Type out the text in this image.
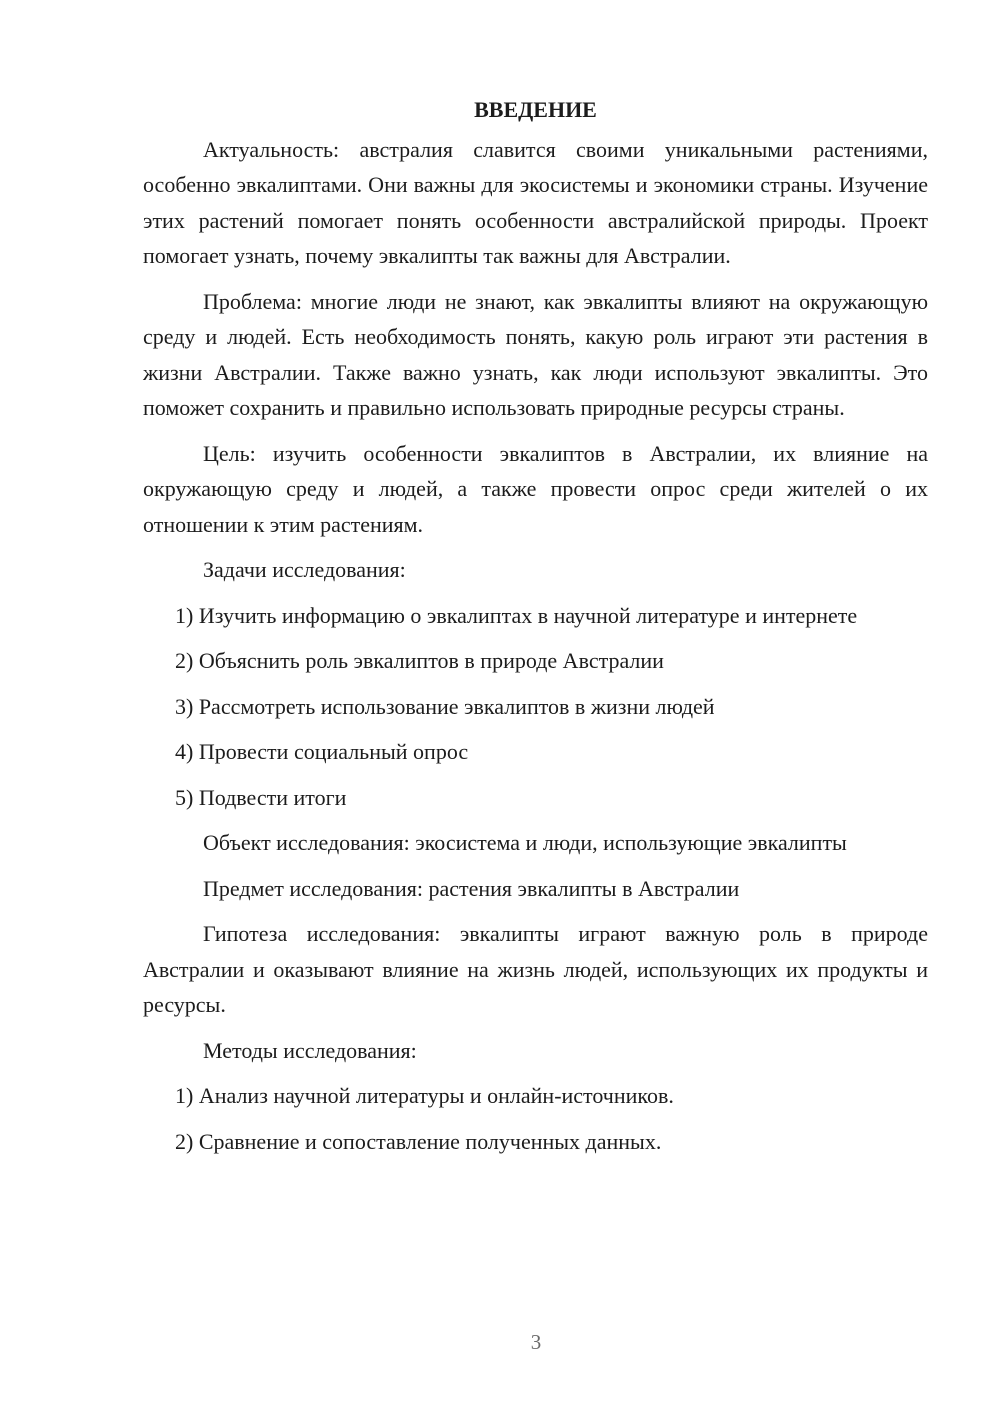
ВВЕДЕНИЕ

Актуальность: австралия славится своими уникальными растениями, особенно эвкалиптами. Они важны для экосистемы и экономики страны. Изучение этих растений помогает понять особенности австралийской природы. Проект помогает узнать, почему эвкалипты так важны для Австралии.

Проблема: многие люди не знают, как эвкалипты влияют на окружающую среду и людей. Есть необходимость понять, какую роль играют эти растения в жизни Австралии. Также важно узнать, как люди используют эвкалипты. Это поможет сохранить и правильно использовать природные ресурсы страны.

Цель: изучить особенности эвкалиптов в Австралии, их влияние на окружающую среду и людей, а также провести опрос среди жителей о их отношении к этим растениям.

Задачи исследования:

1) Изучить информацию о эвкалиптах в научной литературе и интернете

2) Объяснить роль эвкалиптов в природе Австралии

3) Рассмотреть использование эвкалиптов в жизни людей

4) Провести социальный опрос

5) Подвести итоги

Объект исследования: экосистема и люди, использующие эвкалипты

Предмет исследования: растения эвкалипты в Австралии

Гипотеза исследования: эвкалипты играют важную роль в природе Австралии и оказывают влияние на жизнь людей, использующих их продукты и ресурсы.

Методы исследования:

1) Анализ научной литературы и онлайн-источников.

2) Сравнение и сопоставление полученных данных.

3
